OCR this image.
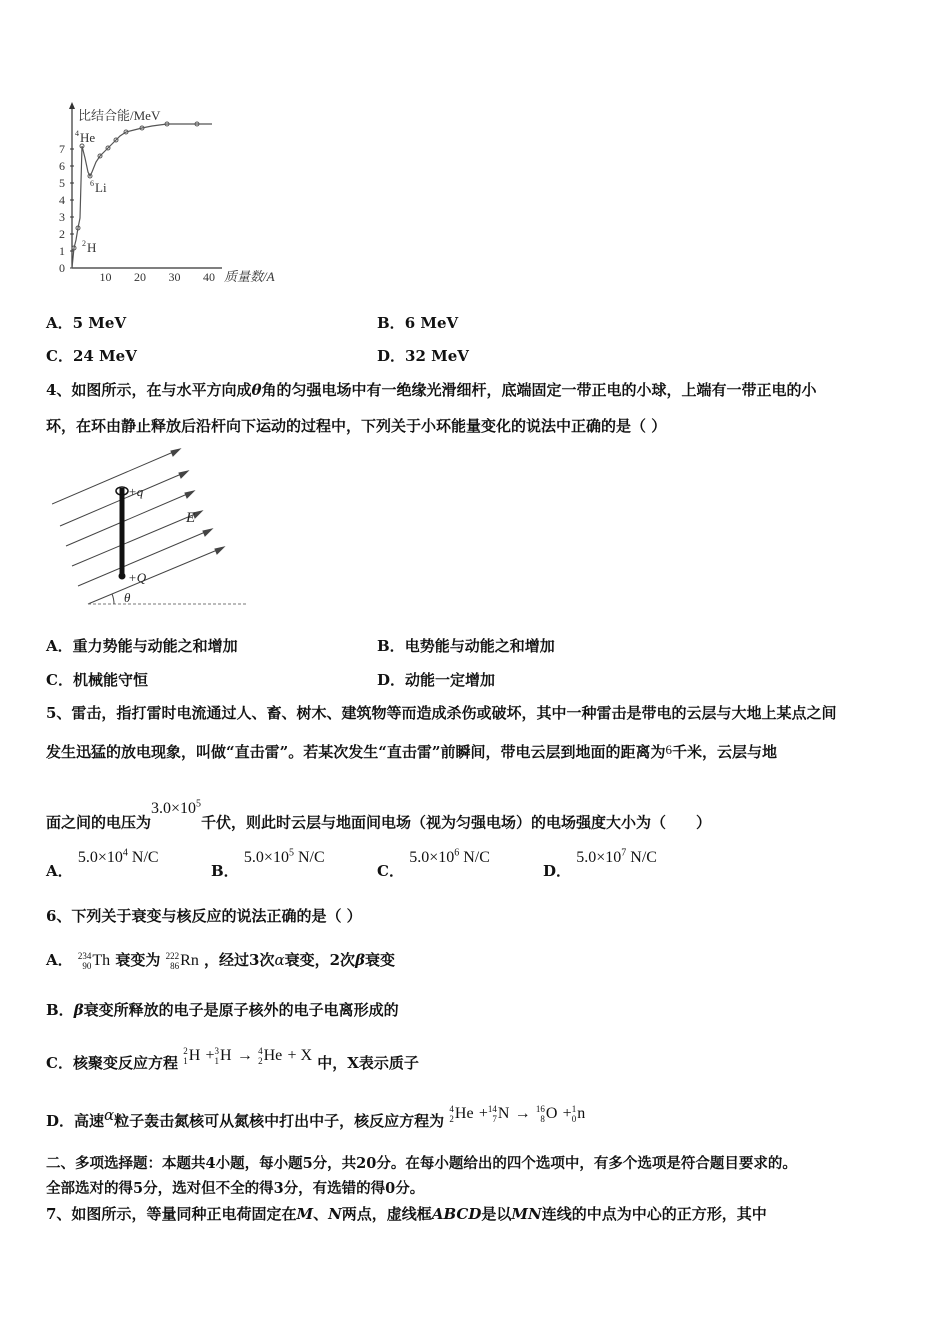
比结合能/MeV
0
1
2
3
4
5
6
7
10 20 30 40 质量数/A
4 He
6 Li
2 H
A．5 MeV	B．6 MeV
C．24 MeV	D．32 MeV
4、如图所示，在与水平方向成θ角的匀强电场中有一绝缘光滑细杆，底端固定一带正电的小球，上端有一带正电的小
环，在环由静止释放后沿杆向下运动的过程中，下列关于小环能量变化的说法中正确的是（ ）
+q
+Q
E
θ
A．重力势能与动能之和增加	B．电势能与动能之和增加
C．机械能守恒	D．动能一定增加
5、雷击，指打雷时电流通过人、畜、树木、建筑物等而造成杀伤或破坏，其中一种雷击是带电的云层与大地上某点之间
发生迅猛的放电现象，叫做“直击雷”。若某次发生“直击雷”前瞬间，带电云层到地面的距离为6千米，云层与地
面之间的电压为$3.0\times 10^5$千伏，则此时云层与地面间电场（视为匀强电场）的电场强度大小为（　　）
A． $5.0\times 10^4$ N/C
B． $5.0\times 10^5$ N/C
C． $5.0\times 10^6$ N/C
D． $5.0\times 10^7$ N/C
6、下列关于衰变与核反应的说法正确的是（ ）
A． 234
90 Th 衰变为 222
86 Rn ，经过3次α衰变，2次β衰变
B．β衰变所释放的电子是原子核外的电子电离形成的
C．核聚变反应方程
2
1 H + 3
1 H → 4
2 He + X 中，X表示质子
D．高速α粒子轰击氮核可从氮核中打出中子，核反应方程为
4
2 He + 14
7 N → 16
8 O + 1
0 n
二、多项选择题：本题共4小题，每小题5分，共20分。在每小题给出的四个选项中，有多个选项是符合题目要求的。
全部选对的得5分，选对但不全的得3分，有选错的得0分。
7、如图所示，等量同种正电荷固定在M、N两点，虚线框ABCD是以MN连线的中点为中心的正方形，其中
